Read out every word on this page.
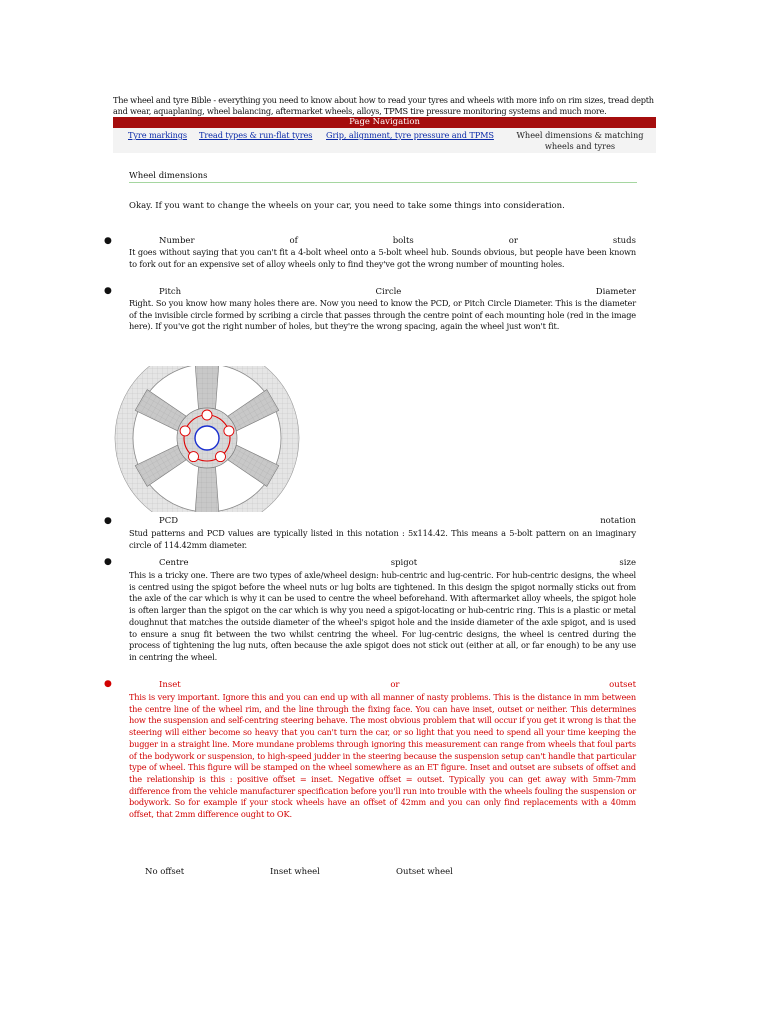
The wheel and tyre Bible - everything you need to know about how to read your tyres and wheels with more info on rim sizes, tread depth and wear, aquaplaning, wheel balancing, aftermarket wheels, alloys, TPMS tire pressure monitoring systems and much more.
Page Navigation
Tyre markings Tread types & run-flat tyres Grip, alignment, tyre pressure and TPMS	Wheel dimensions & matching wheels and tyres
Wheel dimensions
Okay. If you want to change the wheels on your car, you need to take some things into consideration.
●	Number	of	bolts	or	studs
It goes without saying that you can't fit a 4-bolt wheel onto a 5-bolt wheel hub. Sounds obvious, but people have been known to fork out for an expensive set of alloy wheels only to find they've got the wrong number of mounting holes.
●	Pitch	Circle	Diameter
Right. So you know how many holes there are. Now you need to know the PCD, or Pitch Circle Diameter. This is the diameter of the invisible circle formed by scribing a circle that passes through the centre point of each mounting hole (red in the image here). If you've got the right number of holes, but they're the wrong spacing, again the wheel just won't fit.
●	PCD	notation
Stud patterns and PCD values are typically listed in this notation : 5x114.42. This means a 5-bolt pattern on an imaginary circle of 114.42mm diameter.
●	Centre	spigot	size
This is a tricky one. There are two types of axle/wheel design: hub-centric and lug-centric. For hub-centric designs, the wheel is centred using the spigot before the wheel nuts or lug bolts are tightened. In this design the spigot normally sticks out from the axle of the car which is why it can be used to centre the wheel beforehand. With aftermarket alloy wheels, the spigot hole is often larger than the spigot on the car which is why you need a spigot-locating or hub-centric ring. This is a plastic or metal doughnut that matches the outside diameter of the wheel's spigot hole and the inside diameter of the axle spigot, and is used to ensure a snug fit between the two whilst centring the wheel. For lug-centric designs, the wheel is centred during the process of tightening the lug nuts, often because the axle spigot does not stick out (either at all, or far enough) to be any use in centring the wheel.
●	Inset	or	outset
This is very important. Ignore this and you can end up with all manner of nasty problems. This is the distance in mm between the centre line of the wheel rim, and the line through the fixing face. You can have inset, outset or neither. This determines how the suspension and self-centring steering behave. The most obvious problem that will occur if you get it wrong is that the steering will either become so heavy that you can't turn the car, or so light that you need to spend all your time keeping the bugger in a straight line. More mundane problems through ignoring this measurement can range from wheels that foul parts of the bodywork or suspension, to high-speed judder in the steering because the suspension setup can't handle that particular type of wheel. This figure will be stamped on the wheel somewhere as an ET figure. Inset and outset are subsets of offset and the relationship is this : positive offset = inset. Negative offset = outset. Typically you can get away with 5mm-7mm difference from the vehicle manufacturer specification before you'll run into trouble with the wheels fouling the suspension or bodywork. So for example if your stock wheels have an offset of 42mm and you can only find replacements with a 40mm offset, that 2mm difference ought to OK.
No offset	Inset wheel	Outset wheel
